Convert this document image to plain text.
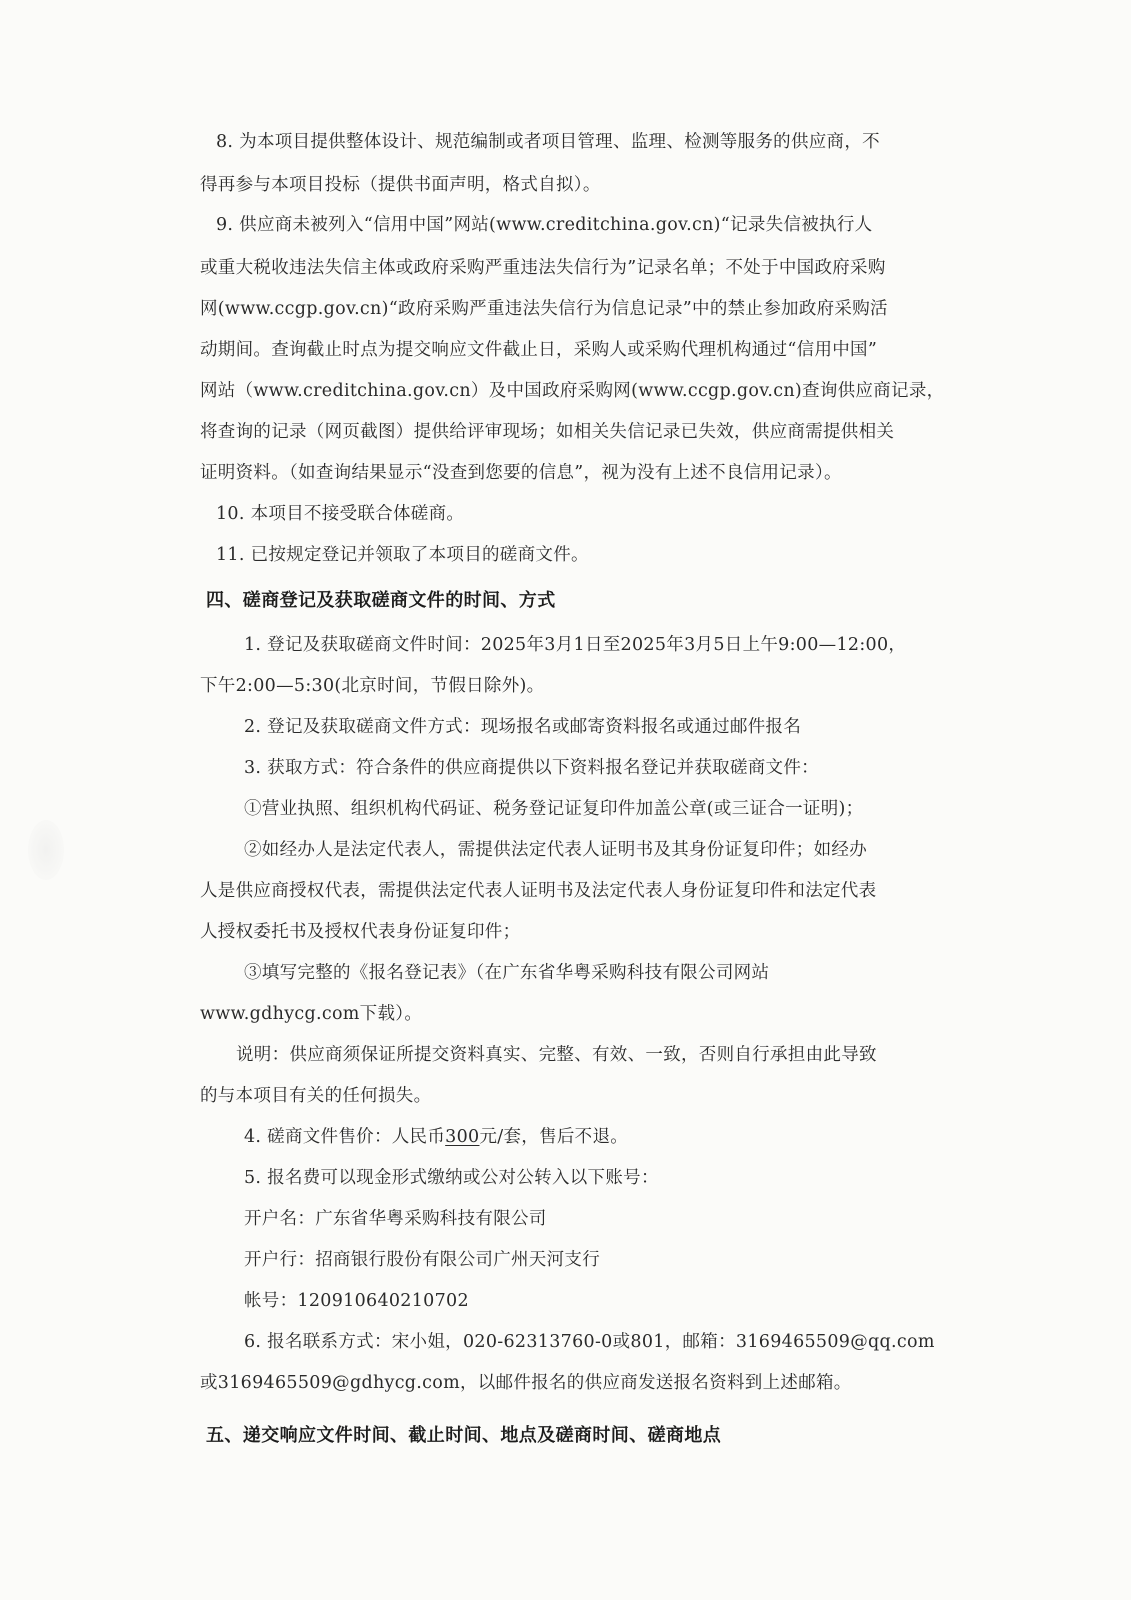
8. 为本项目提供整体设计、规范编制或者项目管理、监理、检测等服务的供应商，不
得再参与本项目投标（提供书面声明，格式自拟）。
9. 供应商未被列入“信用中国”网站(www.creditchina.gov.cn)“记录失信被执行人
或重大税收违法失信主体或政府采购严重违法失信行为”记录名单；不处于中国政府采购
网(www.ccgp.gov.cn)“政府采购严重违法失信行为信息记录”中的禁止参加政府采购活
动期间。查询截止时点为提交响应文件截止日，采购人或采购代理机构通过“信用中国”
网站（www.creditchina.gov.cn）及中国政府采购网(www.ccgp.gov.cn)查询供应商记录，
将查询的记录（网页截图）提供给评审现场；如相关失信记录已失效，供应商需提供相关
证明资料。（如查询结果显示“没查到您要的信息”，视为没有上述不良信用记录）。
10. 本项目不接受联合体磋商。
11. 已按规定登记并领取了本项目的磋商文件。
四、磋商登记及获取磋商文件的时间、方式
1. 登记及获取磋商文件时间：2025年3月1日至2025年3月5日上午9:00—12:00，
下午2:00—5:30(北京时间，节假日除外)。
2. 登记及获取磋商文件方式：现场报名或邮寄资料报名或通过邮件报名
3. 获取方式：符合条件的供应商提供以下资料报名登记并获取磋商文件：
①营业执照、组织机构代码证、税务登记证复印件加盖公章(或三证合一证明)；
②如经办人是法定代表人，需提供法定代表人证明书及其身份证复印件；如经办
人是供应商授权代表，需提供法定代表人证明书及法定代表人身份证复印件和法定代表
人授权委托书及授权代表身份证复印件；
③填写完整的《报名登记表》（在广东省华粤采购科技有限公司网站
www.gdhycg.com下载）。
说明：供应商须保证所提交资料真实、完整、有效、一致，否则自行承担由此导致
的与本项目有关的任何损失。
4. 磋商文件售价：人民币300元/套，售后不退。
5. 报名费可以现金形式缴纳或公对公转入以下账号：
开户名：广东省华粤采购科技有限公司
开户行：招商银行股份有限公司广州天河支行
帐号：120910640210702
6. 报名联系方式：宋小姐，020-62313760-0或801，邮箱：3169465509@qq.com
或3169465509@gdhycg.com，以邮件报名的供应商发送报名资料到上述邮箱。
五、递交响应文件时间、截止时间、地点及磋商时间、磋商地点
